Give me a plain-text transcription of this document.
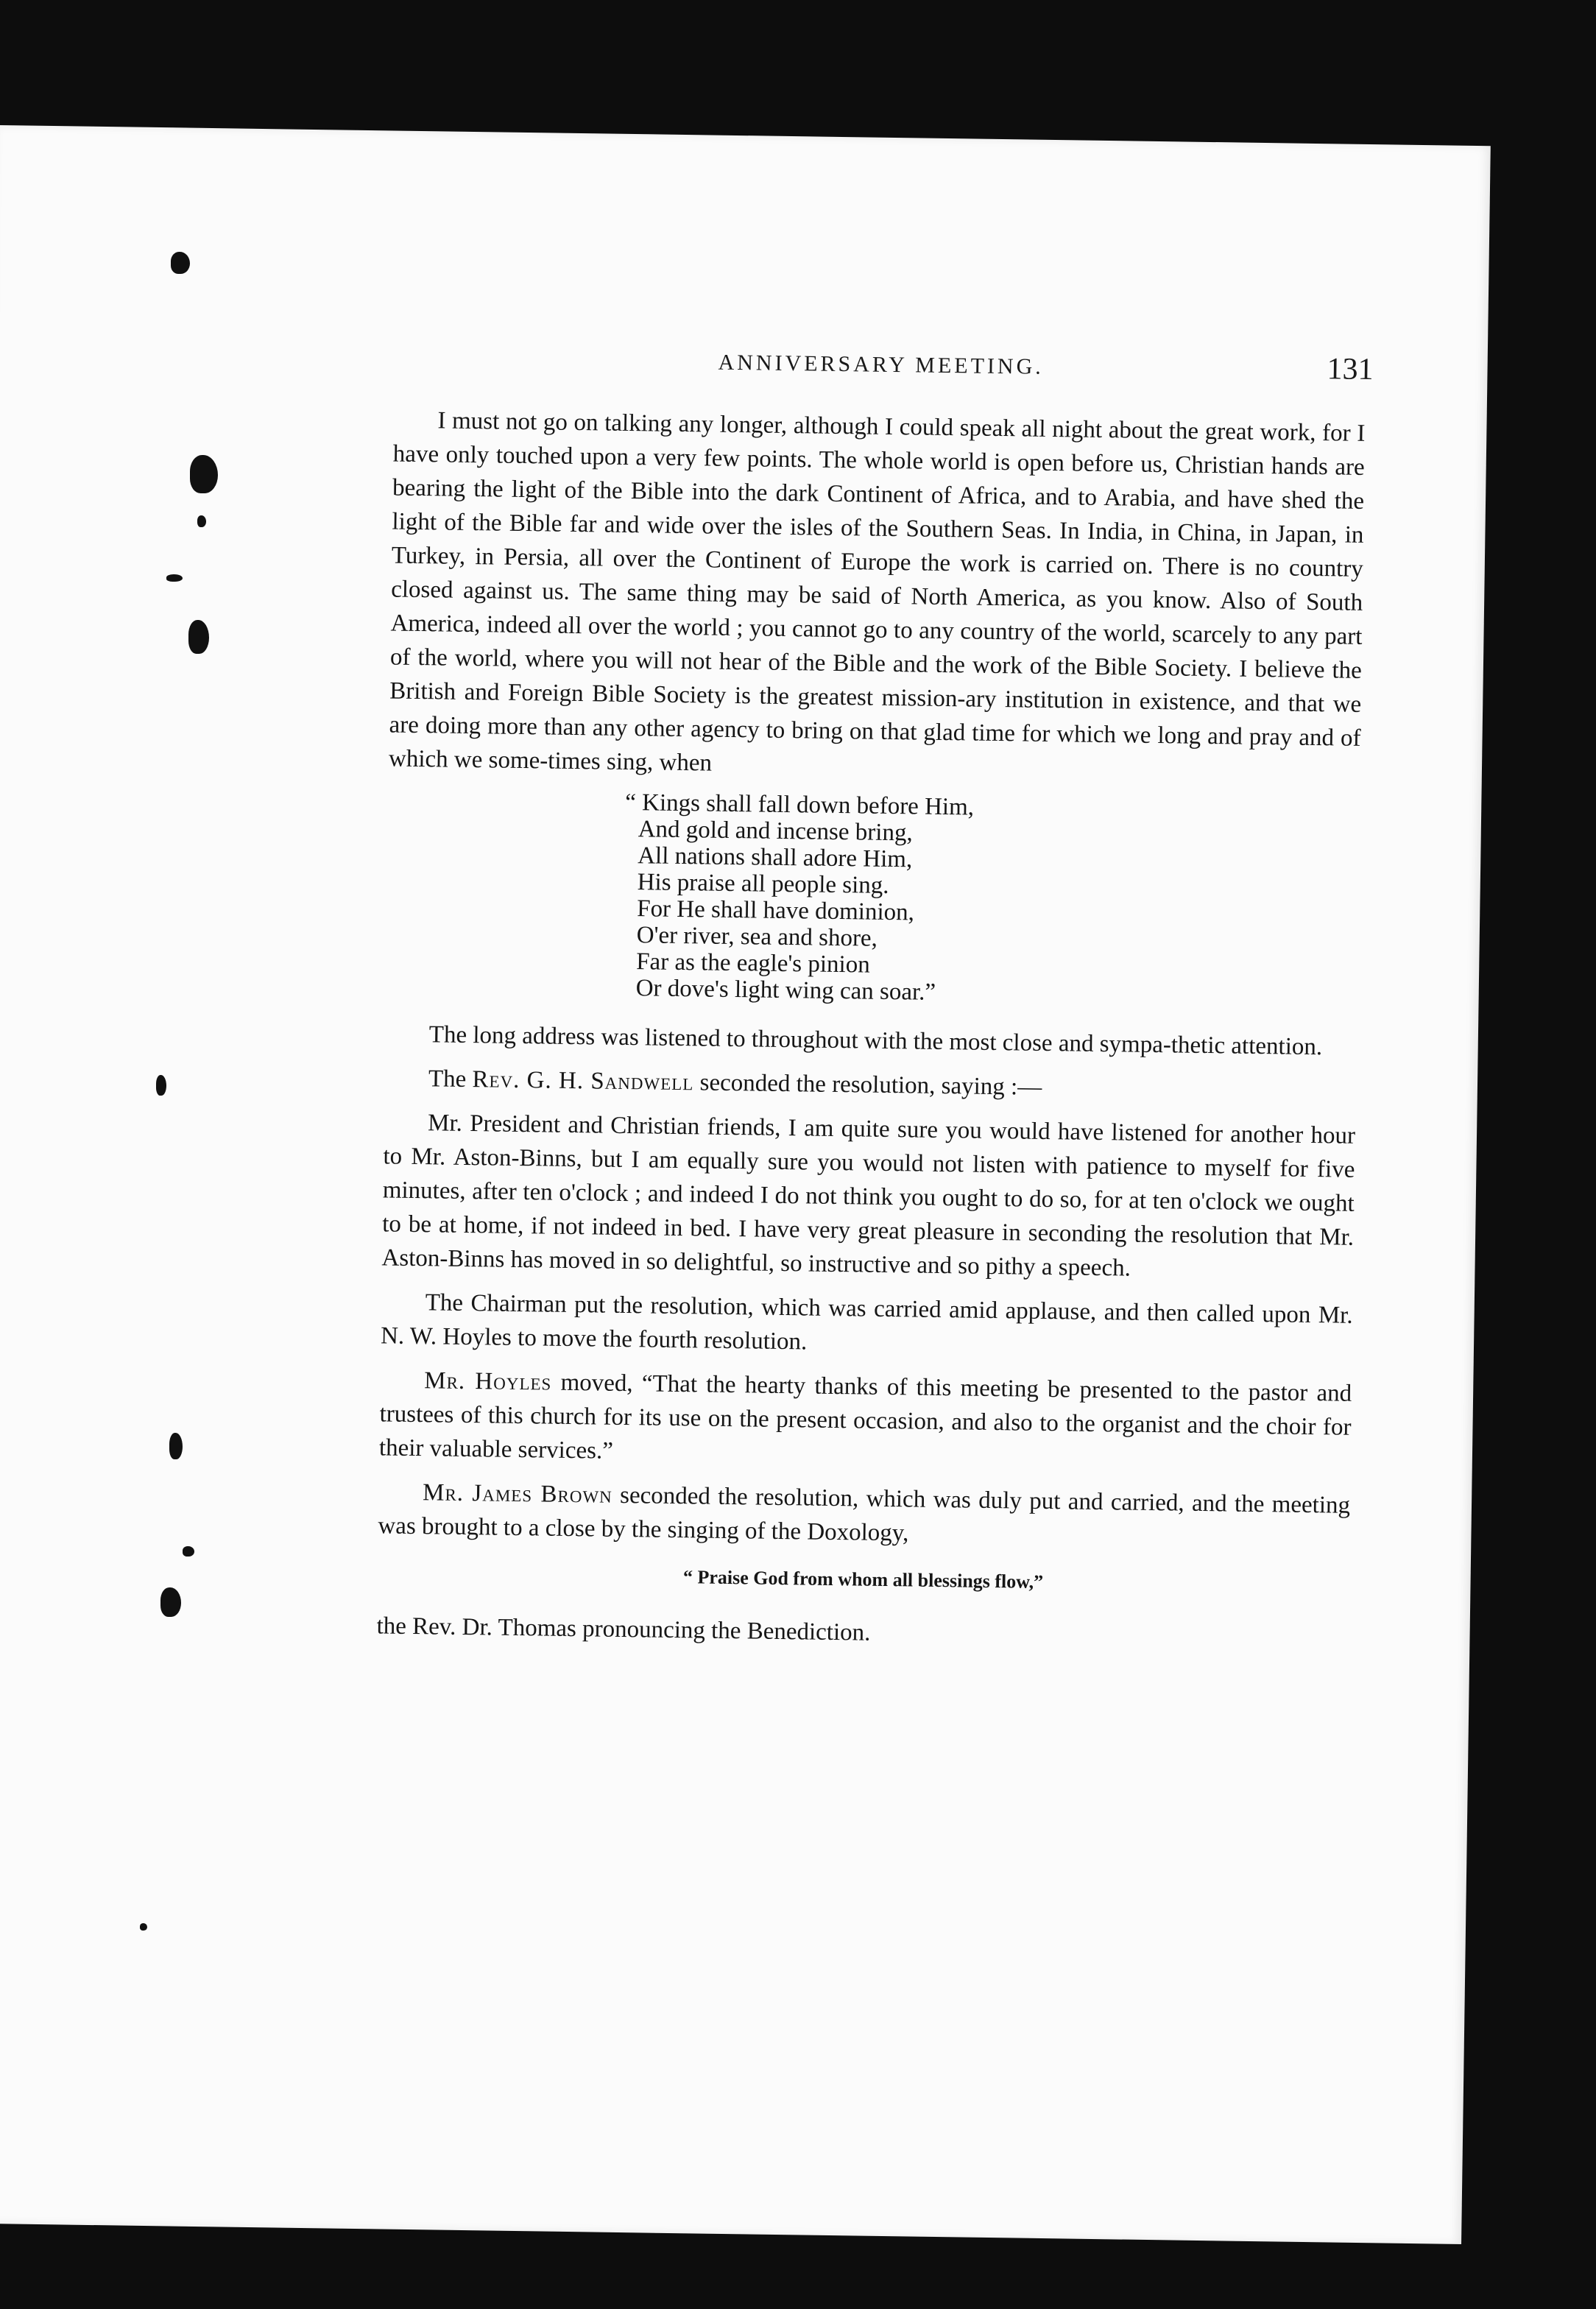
ANNIVERSARY MEETING.	131

I must not go on talking any longer, although I could speak all night about the great work, for I have only touched upon a very few points. The whole world is open before us, Christian hands are bearing the light of the Bible into the dark Continent of Africa, and to Arabia, and have shed the light of the Bible far and wide over the isles of the Southern Seas. In India, in China, in Japan, in Turkey, in Persia, all over the Continent of Europe the work is carried on. There is no country closed against us. The same thing may be said of North America, as you know. Also of South America, indeed all over the world ; you cannot go to any country of the world, scarcely to any part of the world, where you will not hear of the Bible and the work of the Bible Society. I believe the British and Foreign Bible Society is the greatest mission-ary institution in existence, and that we are doing more than any other agency to bring on that glad time for which we long and pray and of which we some-times sing, when

“ Kings shall fall down before Him,
And gold and incense bring,
All nations shall adore Him,
His praise all people sing.
For He shall have dominion,
O'er river, sea and shore,
Far as the eagle's pinion
Or dove's light wing can soar.”

The long address was listened to throughout with the most close and sympa-thetic attention.

The Rev. G. H. Sandwell seconded the resolution, saying :—

Mr. President and Christian friends, I am quite sure you would have listened for another hour to Mr. Aston-Binns, but I am equally sure you would not listen with patience to myself for five minutes, after ten o'clock ; and indeed I do not think you ought to do so, for at ten o'clock we ought to be at home, if not indeed in bed. I have very great pleasure in seconding the resolution that Mr. Aston-Binns has moved in so delightful, so instructive and so pithy a speech.

The Chairman put the resolution, which was carried amid applause, and then called upon Mr. N. W. Hoyles to move the fourth resolution.

Mr. Hoyles moved, “That the hearty thanks of this meeting be presented to the pastor and trustees of this church for its use on the present occasion, and also to the organist and the choir for their valuable services.”

Mr. James Brown seconded the resolution, which was duly put and carried, and the meeting was brought to a close by the singing of the Doxology,

“ Praise God from whom all blessings flow,”

the Rev. Dr. Thomas pronouncing the Benediction.
